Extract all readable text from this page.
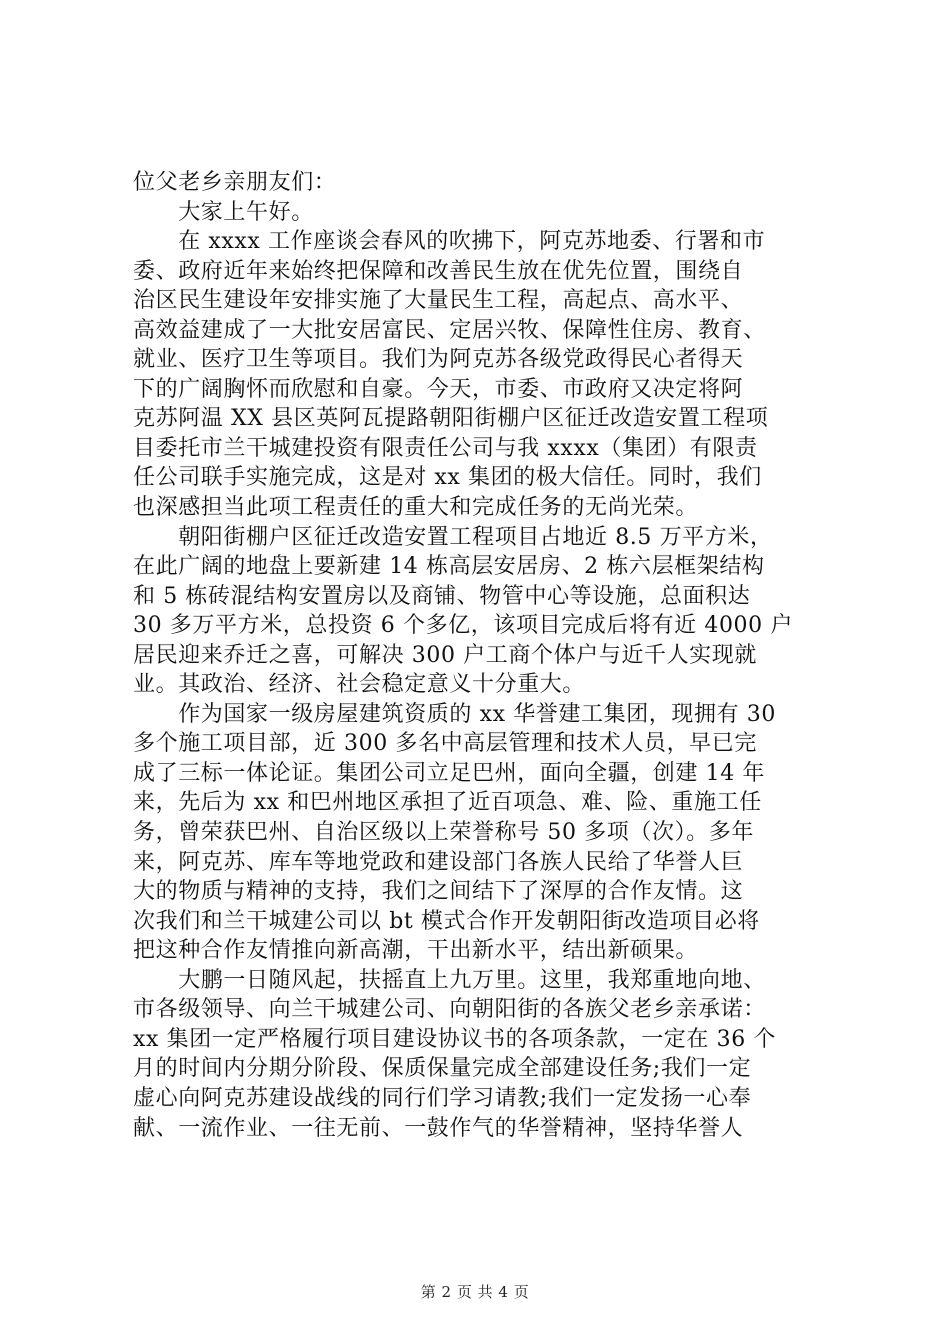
位父老乡亲朋友们：
　　大家上午好。
　　在 xxxx 工作座谈会春风的吹拂下，阿克苏地委、行署和市
委、政府近年来始终把保障和改善民生放在优先位置，围绕自
治区民生建设年安排实施了大量民生工程，高起点、高水平、
高效益建成了一大批安居富民、定居兴牧、保障性住房、教育、
就业、医疗卫生等项目。我们为阿克苏各级党政得民心者得天
下的广阔胸怀而欣慰和自豪。今天，市委、市政府又决定将阿
克苏阿温 XX 县区英阿瓦提路朝阳街棚户区征迁改造安置工程项
目委托市兰干城建投资有限责任公司与我 xxxx（集团）有限责
任公司联手实施完成，这是对 xx 集团的极大信任。同时，我们
也深感担当此项工程责任的重大和完成任务的无尚光荣。
　　朝阳街棚户区征迁改造安置工程项目占地近 8.5 万平方米，
在此广阔的地盘上要新建 14 栋高层安居房、2 栋六层框架结构
和 5 栋砖混结构安置房以及商铺、物管中心等设施，总面积达
30 多万平方米，总投资 6 个多亿，该项目完成后将有近 4000 户
居民迎来乔迁之喜，可解决 300 户工商个体户与近千人实现就
业。其政治、经济、社会稳定意义十分重大。
　　作为国家一级房屋建筑资质的 xx 华誉建工集团，现拥有 30
多个施工项目部，近 300 多名中高层管理和技术人员，早已完
成了三标一体论证。集团公司立足巴州，面向全疆，创建 14 年
来，先后为 xx 和巴州地区承担了近百项急、难、险、重施工任
务，曾荣获巴州、自治区级以上荣誉称号 50 多项（次）。多年
来，阿克苏、库车等地党政和建设部门各族人民给了华誉人巨
大的物质与精神的支持，我们之间结下了深厚的合作友情。这
次我们和兰干城建公司以 bt 模式合作开发朝阳街改造项目必将
把这种合作友情推向新高潮，干出新水平，结出新硕果。
　　大鹏一日随风起，扶摇直上九万里。这里，我郑重地向地、
市各级领导、向兰干城建公司、向朝阳街的各族父老乡亲承诺：
xx 集团一定严格履行项目建设协议书的各项条款，一定在 36 个
月的时间内分期分阶段、保质保量完成全部建设任务;我们一定
虚心向阿克苏建设战线的同行们学习请教;我们一定发扬一心奉
献、一流作业、一往无前、一鼓作气的华誉精神，坚持华誉人
第 2 页 共 4 页
